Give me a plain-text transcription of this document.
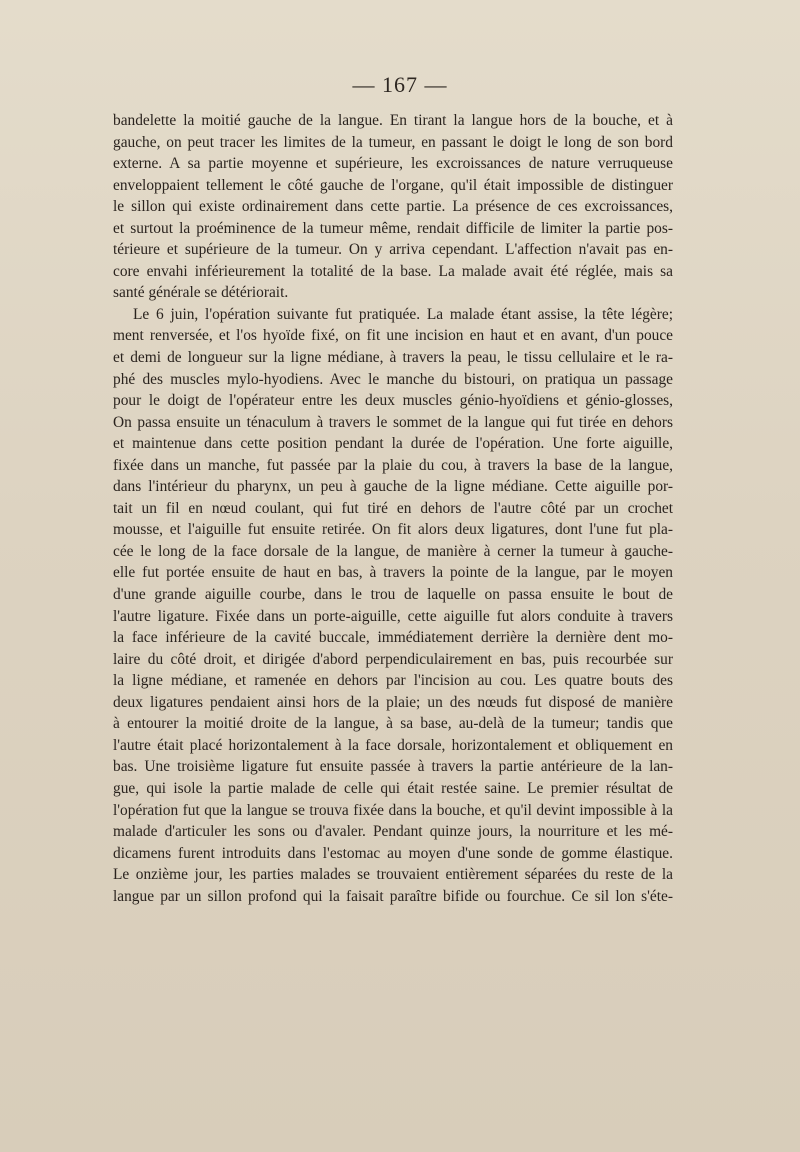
— 167 —
bandelette la moitié gauche de la langue. En tirant la langue hors de la bouche, et à
gauche, on peut tracer les limites de la tumeur, en passant le doigt le long de son bord
externe. A sa partie moyenne et supérieure, les excroissances de nature verruqueuse
enveloppaient tellement le côté gauche de l'organe, qu'il était impossible de distinguer
le sillon qui existe ordinairement dans cette partie. La présence de ces excroissances,
et surtout la proéminence de la tumeur même, rendait difficile de limiter la partie pos-
térieure et supérieure de la tumeur. On y arriva cependant. L'affection n'avait pas en-
core envahi inférieurement la totalité de la base. La malade avait été réglée, mais sa
santé générale se détériorait.
Le 6 juin, l'opération suivante fut pratiquée. La malade étant assise, la tête légère;
ment renversée, et l'os hyoïde fixé, on fit une incision en haut et en avant, d'un pouce
et demi de longueur sur la ligne médiane, à travers la peau, le tissu cellulaire et le ra-
phé des muscles mylo-hyodiens. Avec le manche du bistouri, on pratiqua un passage
pour le doigt de l'opérateur entre les deux muscles génio-hyoïdiens et génio-glosses,
On passa ensuite un ténaculum à travers le sommet de la langue qui fut tirée en dehors
et maintenue dans cette position pendant la durée de l'opération. Une forte aiguille,
fixée dans un manche, fut passée par la plaie du cou, à travers la base de la langue,
dans l'intérieur du pharynx, un peu à gauche de la ligne médiane. Cette aiguille por-
tait un fil en nœud coulant, qui fut tiré en dehors de l'autre côté par un crochet
mousse, et l'aiguille fut ensuite retirée. On fit alors deux ligatures, dont l'une fut pla-
cée le long de la face dorsale de la langue, de manière à cerner la tumeur à gauche-
elle fut portée ensuite de haut en bas, à travers la pointe de la langue, par le moyen
d'une grande aiguille courbe, dans le trou de laquelle on passa ensuite le bout de
l'autre ligature. Fixée dans un porte-aiguille, cette aiguille fut alors conduite à travers
la face inférieure de la cavité buccale, immédiatement derrière la dernière dent mo-
laire du côté droit, et dirigée d'abord perpendiculairement en bas, puis recourbée sur
la ligne médiane, et ramenée en dehors par l'incision au cou. Les quatre bouts des
deux ligatures pendaient ainsi hors de la plaie; un des nœuds fut disposé de manière
à entourer la moitié droite de la langue, à sa base, au-delà de la tumeur; tandis que
l'autre était placé horizontalement à la face dorsale, horizontalement et obliquement en
bas. Une troisième ligature fut ensuite passée à travers la partie antérieure de la lan-
gue, qui isole la partie malade de celle qui était restée saine. Le premier résultat de
l'opération fut que la langue se trouva fixée dans la bouche, et qu'il devint impossible à la
malade d'articuler les sons ou d'avaler. Pendant quinze jours, la nourriture et les mé-
dicamens furent introduits dans l'estomac au moyen d'une sonde de gomme élastique.
Le onzième jour, les parties malades se trouvaient entièrement séparées du reste de la
langue par un sillon profond qui la faisait paraître bifide ou fourchue. Ce sil lon s'éte-
